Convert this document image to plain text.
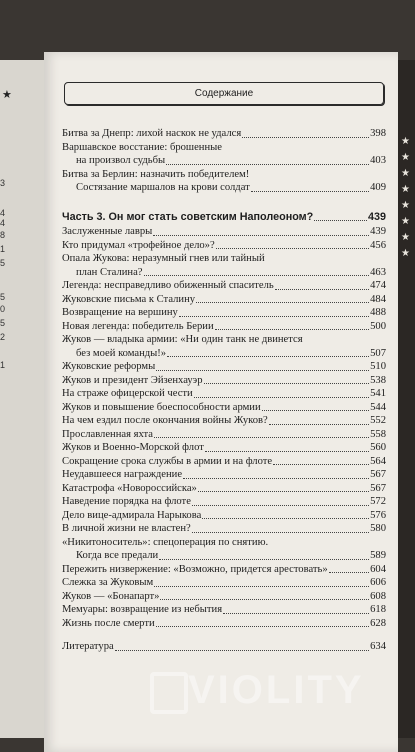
★
3
4
4
8
1
5
5
0
5
2
1
★
★
★
★
★
★
★
★
Содержание
Битва за Днепр: лихой наскок не удался	398
Варшавское восстание: брошенные
на произвол судьбы	403
Битва за Берлин: назначить победителем!
Состязание маршалов на крови солдат	409
Часть 3. Он мог стать советским Наполеоном?	439
Заслуженные лавры	439
Кто придумал «трофейное дело»?	456
Опала Жукова: неразумный гнев или тайный
план Сталина?	463
Легенда: несправедливо обиженный спаситель	474
Жуковские письма к Сталину	484
Возвращение на вершину	488
Новая легенда: победитель Берии	500
Жуков — владыка армии: «Ни один танк не двинется
без моей команды!»	507
Жуковские реформы	510
Жуков и президент Эйзенхауэр	538
На страже офицерской чести	541
Жуков и повышение боеспособности армии	544
На чем ездил после окончания войны Жуков?	552
Прославленная яхта	558
Жуков и Военно-Морской флот	560
Сокращение срока службы в армии и на флоте	564
Неудавшееся награждение	567
Катастрофа «Новороссийска»	567
Наведение порядка на флоте	572
Дело вице-адмирала Нарыкова	576
В личной жизни не властен?	580
«Никитоноситель»: спецоперация по снятию.
Когда все предали	589
Пережить низвержение: «Возможно, придется арестовать»	604
Слежка за Жуковым	606
Жуков — «Бонапарт»	608
Мемуары: возвращение из небытия	618
Жизнь после смерти	628
Литература	634
VIOLITY
